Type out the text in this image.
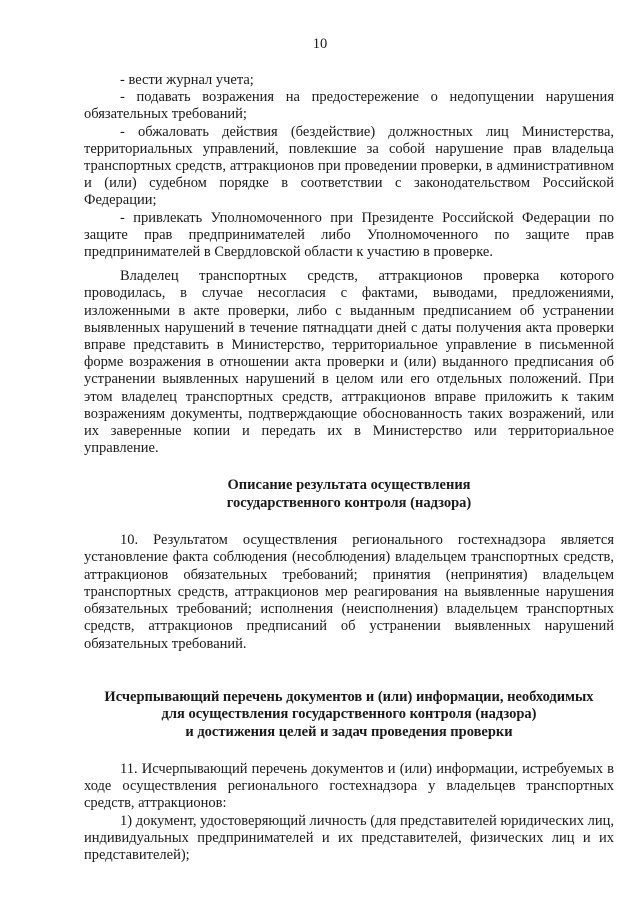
10

- вести журнал учета;

- подавать возражения на предостережение о недопущении нарушения обязательных требований;

- обжаловать действия (бездействие) должностных лиц Министерства, территориальных управлений, повлекшие за собой нарушение прав владельца транспортных средств, аттракционов при проведении проверки, в административном и (или) судебном порядке в соответствии с законодательством Российской Федерации;

- привлекать Уполномоченного при Президенте Российской Федерации по защите прав предпринимателей либо Уполномоченного по защите прав предпринимателей в Свердловской области к участию в проверке.

Владелец транспортных средств, аттракционов проверка которого проводилась, в случае несогласия с фактами, выводами, предложениями, изложенными в акте проверки, либо с выданным предписанием об устранении выявленных нарушений в течение пятнадцати дней с даты получения акта проверки вправе представить в Министерство, территориальное управление в письменной форме возражения в отношении акта проверки и (или) выданного предписания об устранении выявленных нарушений в целом или его отдельных положений. При этом владелец транспортных средств, аттракционов вправе приложить к таким возражениям документы, подтверждающие обоснованность таких возражений, или их заверенные копии и передать их в Министерство или территориальное управление.

Описание результата осуществления

государственного контроля (надзора)

10. Результатом осуществления регионального гостехнадзора является установление факта соблюдения (несоблюдения) владельцем транспортных средств, аттракционов обязательных требований; принятия (непринятия) владельцем транспортных средств, аттракционов мер реагирования на выявленные нарушения обязательных требований; исполнения (неисполнения) владельцем транспортных средств, аттракционов предписаний об устранении выявленных нарушений обязательных требований.

Исчерпывающий перечень документов и (или) информации, необходимых

для осуществления государственного контроля (надзора)

и достижения целей и задач проведения проверки

11. Исчерпывающий перечень документов и (или) информации, истребуемых в ходе осуществления регионального гостехнадзора у владельцев транспортных средств, аттракционов:

1) документ, удостоверяющий личность (для представителей юридических лиц, индивидуальных предпринимателей и их представителей, физических лиц и их представителей);
